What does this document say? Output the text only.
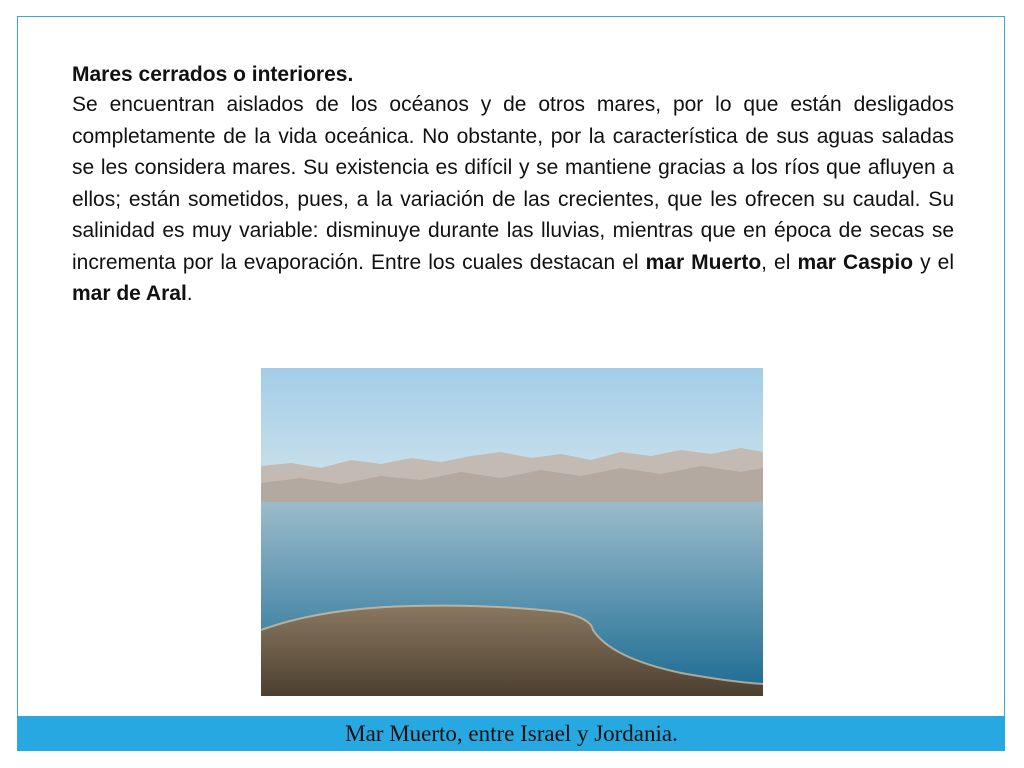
Mares cerrados o interiores.

Se encuentran aislados de los océanos y de otros mares, por lo que están desligados completamente de la vida oceánica. No obstante, por la característica de sus aguas saladas se les considera mares. Su existencia es difícil y se mantiene gracias a los ríos que afluyen a ellos; están sometidos, pues, a la variación de las crecientes, que les ofrecen su caudal. Su salinidad es muy variable: disminuye durante las lluvias, mientras que en época de secas se incrementa por la evaporación. Entre los cuales destacan el mar Muerto, el mar Caspio y el mar de Aral.

Mar Muerto, entre Israel y Jordania.
